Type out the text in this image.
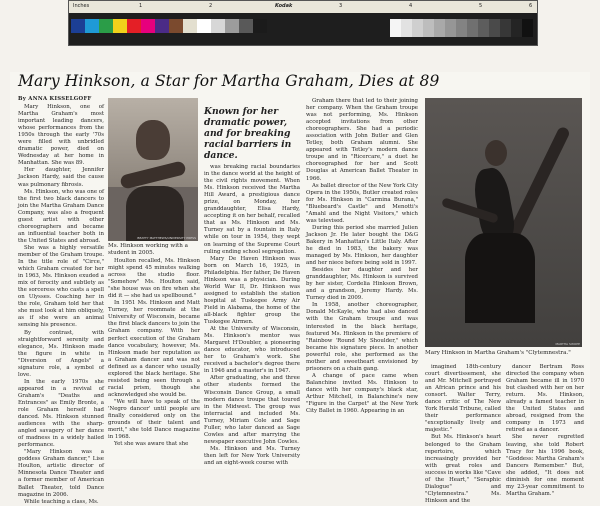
Inches	1	2	3	4	5	6
Kodak
Mary Hinkson, a Star for Martha Graham, Dies at 89
By ANNA KISSELGOFF

Mary Hinkson, one of Martha Graham's most important leading dancers, whose performances from the 1950s through the early '70s were filled with unbridled dramatic power, died on Wednesday at her home in Manhattan. She was 89.

Her daughter, Jennifer Jackson Hardy, said the cause was pulmonary fibrosis.

Ms. Hinkson, who was one of the first two black dancers to join the Martha Graham Dance Company, was also a frequent guest artist with other choreographers and became an influential teacher both in the United States and abroad.

She was a highly versatile member of the Graham troupe. In the title role of "Circe," which Graham created for her in 1963, Ms. Hinkson exuded a mix of ferocity and subtlety as the sorceress who casts a spell on Ulysses. Coaching her in the role, Graham told her that she must look at him obliquely, as if she were an animal sensing his presence.

By contrast, with straightforward serenity and elegance, Ms. Hinkson made the figure in white in "Diversion of Angels" a signature role, a symbol of love.

In the early 1970s she appeared in a revival of Graham's "Deaths and Entrances" as Emily Bronte, a role Graham herself had danced. Ms. Hinkson stunned audiences with the sharp-angled savagery of her dance of madness in a widely hailed performance.

"Mary Hinkson was a goddess Graham dancer," Lise Houlton, artistic director of Minnesota Dance Theater and a former member of American Ballet Theater, told Dance magazine in 2006.

While teaching a class, Ms.

BEATTY MATTHEWS/UNIVERSITY PRESS
Ms. Hinkson working with a student in 2005.

Houlton recalled, Ms. Hinkson might spend 45 minutes walking across the studio floor. "Somehow" Ms. Houlton said, "she house was on fire when she did it — she had us spellbound."

In 1951 Ms. Hinkson and Matt Turney, her roommate at the University of Wisconsin, became the first black dancers to join the Graham company. With her perfect execution of the Graham dance vocabulary, however, Ms. Hinkson made her reputation as a Graham dancer and was not defined as a dancer who usually explored the black heritage. She resisted being seen through a racial prism, though she acknowledged she would be.

"We will have to speak of the 'Negro dancer' until people are finally considered only on the grounds of their talent and merit," she told Dance magazine in 1968.

Yet she was aware that she

Known for her dramatic power, and for breaking racial barriers in dance.

was breaking racial boundaries in the dance world at the height of the civil rights movement. When Ms. Hinkson received the Martha Hill Award, a prestigious dance prize, on Monday, her granddaughter, Elisa Hardy, accepting it on her behalf, recalled that as Ms. Hinkson and Ms. Turney sat by a fountain in Italy while on tour in 1954, they wept on learning of the Supreme Court ruling ending school segregation.

Mary De Haven Hinkson was born on March 16, 1925, in Philadelphia. Her father, De Haven Hinkson was a physician. During World War II, Dr. Hinkson was assigned to establish the station hospital at Tuskegee Army Air Field in Alabama, the home of the all-black fighter group the Tuskegee Airmen.

At the University of Wisconsin, Ms. Hinkson's mentor was Margaret H'Doubler, a pioneering dance educator, who introduced her to Graham's work. She received a bachelor's degree there in 1946 and a master's in 1947.

After graduating, she and three other students formed the Wisconsin Dance Group, a small modern dance troupe that toured in the Midwest. The group was interracial and included Ms. Turney, Miriam Cole and Sage Fuller, who later danced as Sage Cowles and after marrying the newspaper executive John Cowles.

Ms. Hinkson and Ms. Turney then left for New York University and an eight-week course with

Graham there that led to their joining her company. When the Graham troupe was not performing, Ms. Hinkson accepted invitations from other choreographers. She had a periodic association with John Butler and Glen Tetley, both Graham alumni. She appeared with Tetley's modern dance troupe and in "Ricercare," a duet he choreographed for her and Scott Douglas at American Ballet Theater in 1966.

As ballet director of the New York City Opera in the 1950s, Butler created roles for Ms. Hinkson in "Carmina Burana," "Bluebeard's Castle" and Menotti's "Amahl and the Night Visitors," which was televised.

During this period she married Julien Jackson Jr. He later bought the D&G Bakery in Manhattan's Little Italy. After he died in 1983, the bakery was managed by Ms. Hinkson, her daughter and her niece before being sold in 1997.

Besides her daughter and her granddaughter, Ms. Hinkson is survived by her sister, Cordelia Hinkson Brown, and a grandson, Jeremy Hardy. Ms. Turney died in 2009.

In 1958, another choreographer, Donald McKayle, who had also danced with the Graham troupe and was interested in the black heritage, featured Ms. Hinkson in the premiere of "Rainbow 'Round My Shoulder," which became his signature piece. In another powerful role, she performed as the mother and sweetheart envisioned by prisoners on a chain gang.

A change of pace came when Balanchine invited Ms. Hinkson to dance with her company's black star, Arthur Mitchell, in Balanchine's new "Figure in the Carpet" at the New York City Ballet in 1960. Appearing in an

MARTHA SWOPE
Mary Hinkson in Martha Graham's "Clytemnestra."

imagined 18th-century court divertissement, she and Mr. Mitchell portrayed an African prince and his consort. Walter Terry, dance critic of The New York Herald Tribune, called their performance "exceptionally lively and majestic."

But Ms. Hinkson's heart belonged to the Graham repertoire, which increasingly provided her with great roles and success in works like "Cave of the Heart," "Seraphic Dialogue" and "Clytemnestra." Ms. Hinkson and the

dancer Bertram Ross directed the company when Graham became ill in 1970 but clashed with her on her return. Ms. Hinkson, already a famed teacher in the United States and abroad, resigned from the company in 1973 and retired as a dancer.

She never regretted leaving, she told Robert Tracy for his 1996 book, "Goddess: Martha Graham's Dancers Remember." But, she added, "It does not diminish for one moment my 23-year commitment to Martha Graham."
